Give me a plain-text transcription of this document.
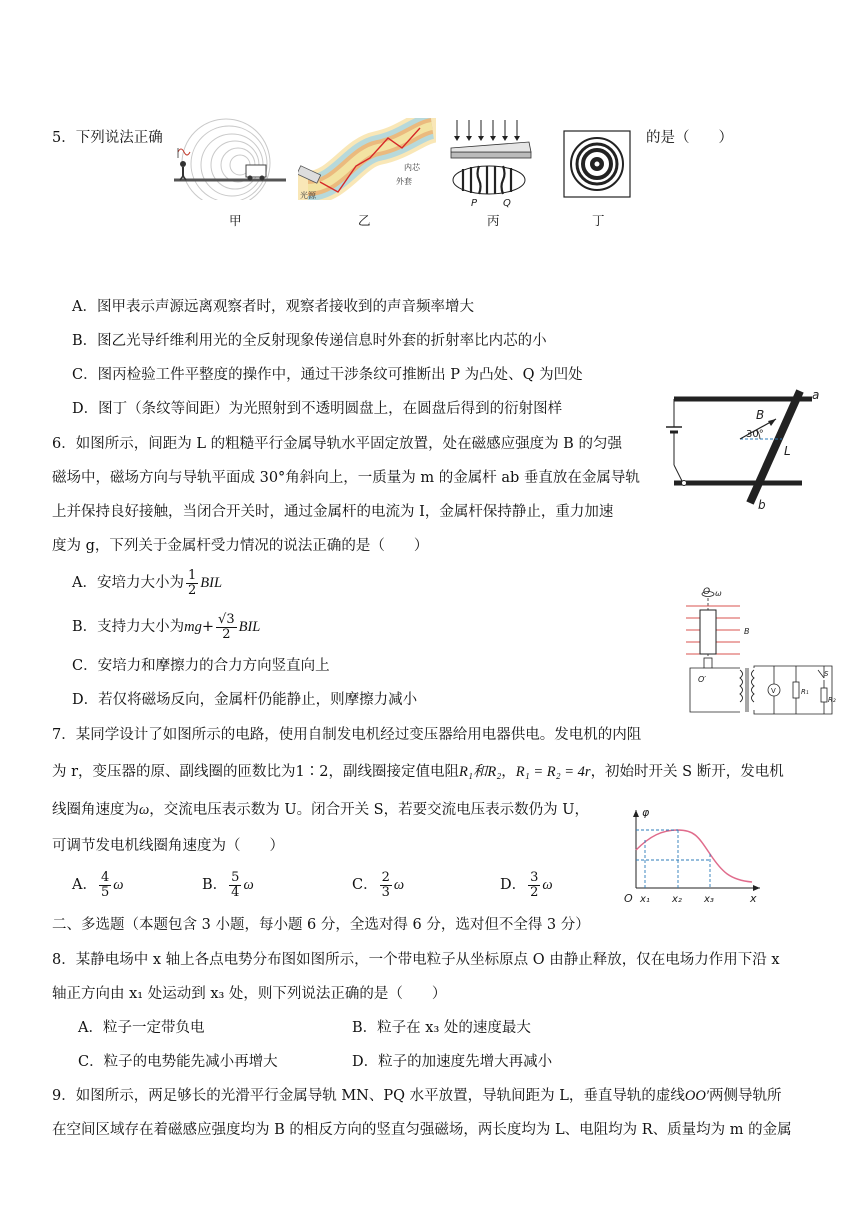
5．下列说法正确	的是（　　）
甲
光源
内芯
外套
乙
P	Q
丙	丁
A．图甲表示声源远离观察者时，观察者接收到的声音频率增大
B．图乙光导纤维利用光的全反射现象传递信息时外套的折射率比内芯的小
C．图丙检验工件平整度的操作中，通过干涉条纹可推断出 P 为凸处、Q 为凹处
D．图丁（条纹等间距）为光照射到不透明圆盘上，在圆盘后得到的衍射图样
a
b
B
30°
L
6．如图所示，间距为 L 的粗糙平行金属导轨水平固定放置，处在磁感应强度为 B 的匀强
磁场中，磁场方向与导轨平面成 30°角斜向上，一质量为 m 的金属杆 ab 垂直放在金属导轨
上并保持良好接触，当闭合开关时，通过金属杆的电流为 I，金属杆保持静止，重力加速
度为 g，下列关于金属杆受力情况的说法正确的是（　　）
A．安培力大小为 $\frac{1}{2}$ BIL
B．支持力大小为$mg+ \frac{√3}{2}$ BIL
C．安培力和摩擦力的合力方向竖直向上
D．若仅将磁场反向，金属杆仍能静止，则摩擦力减小
O ω
B
O′
V	R₁
S
R₂
7．某同学设计了如图所示的电路，使用自制发电机经过变压器给用电器供电。发电机的内阻
为 r，变压器的原、副线圈的匝数比为1∶2，副线圈接定值电阻R₁和R₂，R₁ = R₂ = 4r，初始时开关 S 断开，发电机
线圈角速度为ω，交流电压表示数为 U。闭合开关 S，若要交流电压表示数仍为 U，
可调节发电机线圈角速度为（　　）
A． $\frac{4}{5}$ ω	B． $\frac{5}{4}$ ω	C． $\frac{2}{3}$ ω	D． $\frac{3}{2}$ ω
φ
O x₁ x₂ x₃	x
二、多选题（本题包含 3 小题，每小题 6 分，全选对得 6 分，选对但不全得 3 分）
8．某静电场中 x 轴上各点电势分布图如图所示，一个带电粒子从坐标原点 O 由静止释放，仅在电场力作用下沿 x
轴正方向由 x₁ 处运动到 x₃ 处，则下列说法正确的是（　　）
A．粒子一定带负电	B．粒子在 x₃ 处的速度最大
C．粒子的电势能先减小再增大	D．粒子的加速度先增大再减小
9．如图所示，两足够长的光滑平行金属导轨 MN、PQ 水平放置，导轨间距为 L，垂直导轨的虚线OO′两侧导轨所
在空间区域存在着磁感应强度均为 B 的相反方向的竖直匀强磁场，两长度均为 L、电阻均为 R、质量均为 m 的金属
